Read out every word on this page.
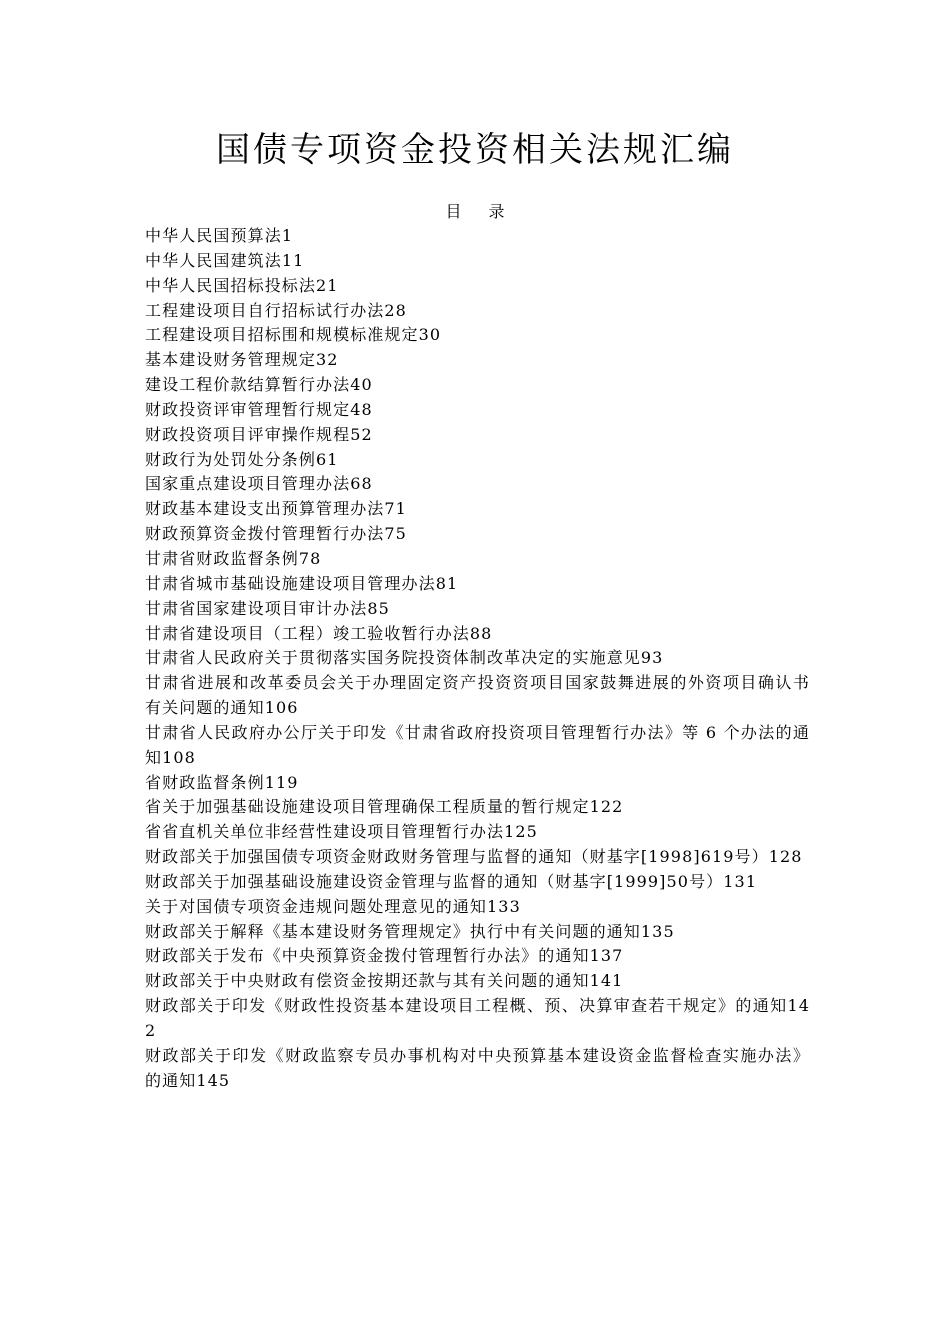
国债专项资金投资相关法规汇编
目 录
中华人民国预算法1
中华人民国建筑法11
中华人民国招标投标法21
工程建设项目自行招标试行办法28
工程建设项目招标围和规模标准规定30
基本建设财务管理规定32
建设工程价款结算暂行办法40
财政投资评审管理暂行规定48
财政投资项目评审操作规程52
财政行为处罚处分条例61
国家重点建设项目管理办法68
财政基本建设支出预算管理办法71
财政预算资金拨付管理暂行办法75
甘肃省财政监督条例78
甘肃省城市基础设施建设项目管理办法81
甘肃省国家建设项目审计办法85
甘肃省建设项目（工程）竣工验收暂行办法88
甘肃省人民政府关于贯彻落实国务院投资体制改革决定的实施意见93
甘肃省进展和改革委员会关于办理固定资产投资资项目国家鼓舞进展的外资项目确认书有关问题的通知106
甘肃省人民政府办公厅关于印发《甘肃省政府投资项目管理暂行办法》等 6 个办法的通知108
省财政监督条例119
省关于加强基础设施建设项目管理确保工程质量的暂行规定122
省省直机关单位非经营性建设项目管理暂行办法125
财政部关于加强国债专项资金财政财务管理与监督的通知（财基字[1998]619号）128
财政部关于加强基础设施建设资金管理与监督的通知（财基字[1999]50号）131
关于对国债专项资金违规问题处理意见的通知133
财政部关于解释《基本建设财务管理规定》执行中有关问题的通知135
财政部关于发布《中央预算资金拨付管理暂行办法》的通知137
财政部关于中央财政有偿资金按期还款与其有关问题的通知141
财政部关于印发《财政性投资基本建设项目工程概、预、决算审查若干规定》的通知142
财政部关于印发《财政监察专员办事机构对中央预算基本建设资金监督检查实施办法》的通知145
